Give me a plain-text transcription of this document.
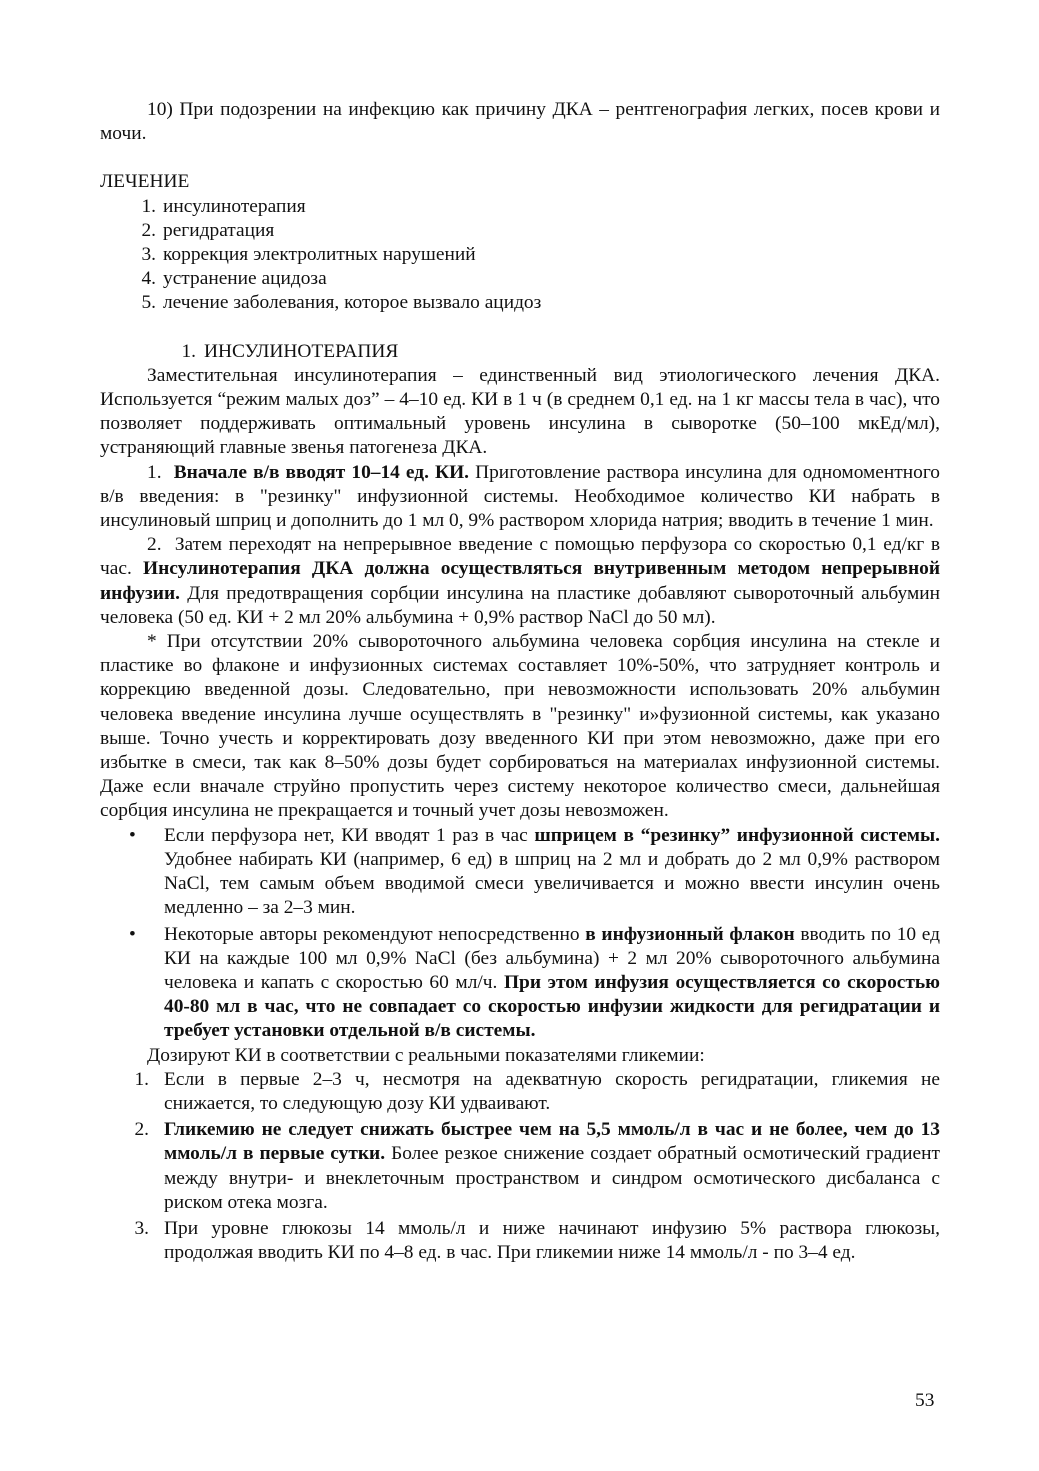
10) При подозрении на инфекцию как причину ДКА – рентгенография легких, посев крови и мочи.

ЛЕЧЕНИЕ

1. инсулинотерапия
2. регидратация
3. коррекция электролитных нарушений
4. устранение ацидоза
5. лечение заболевания, которое вызвало ацидоз

1. ИНСУЛИНОТЕРАПИЯ

Заместительная инсулинотерапия – единственный вид этиологического лечения ДКА. Используется “режим малых доз” – 4–10 ед. КИ в 1 ч (в среднем 0,1 ед. на 1 кг массы тела в час), что позволяет поддерживать оптимальный уровень инсулина в сыворотке (50–100 мкЕд/мл), устраняющий главные звенья патогенеза ДКА.

1. Вначале в/в вводят 10–14 ед. КИ. Приготовление раствора инсулина для одномоментного в/в введения: в "резинку" инфузионной системы. Необходимое количество КИ набрать в инсулиновый шприц и дополнить до 1 мл 0, 9% раствором хлорида натрия; вводить в течение 1 мин.

2. Затем переходят на непрерывное введение с помощью перфузора со скоростью 0,1 ед/кг в час. Инсулинотерапия ДКА должна осуществляться внутривенным методом непрерывной инфузии. Для предотвращения сорбции инсулина на пластике добавляют сывороточный альбумин человека (50 ед. КИ + 2 мл 20% альбумина + 0,9% раствор NaCl до 50 мл).

* При отсутствии 20% сывороточного альбумина человека сорбция инсулина на стекле и пластике во флаконе и инфузионных системах составляет 10%-50%, что затрудняет контроль и коррекцию введенной дозы. Следовательно, при невозможности использовать 20% альбумин человека введение инсулина лучше осуществлять в "резинку" и»фузионной системы, как указано выше. Точно учесть и корректировать дозу введенного КИ при этом невозможно, даже при его избытке в смеси, так как 8–50% дозы будет сорбироваться на материалах инфузионной системы. Даже если вначале струйно пропустить через систему некоторое количество смеси, дальнейшая сорбция инсулина не прекращается и точный учет дозы невозможен.

• Если перфузора нет, КИ вводят 1 раз в час шприцем в “резинку” инфузионной системы. Удобнее набирать КИ (например, 6 ед) в шприц на 2 мл и добрать до 2 мл 0,9% раствором NaCl, тем самым объем вводимой смеси увеличивается и можно ввести инсулин очень медленно – за 2–3 мин.
• Некоторые авторы рекомендуют непосредственно в инфузионный флакон вводить по 10 ед КИ на каждые 100 мл 0,9% NaCl (без альбумина) + 2 мл 20% сывороточного альбумина человека и капать с скоростью 60 мл/ч. При этом инфузия осуществляется со скоростью 40-80 мл в час, что не совпадает со скоростью инфузии жидкости для регидратации и требует установки отдельной в/в системы.

Дозируют КИ в соответствии с реальными показателями гликемии:

1. Если в первые 2–3 ч, несмотря на адекватную скорость регидратации, гликемия не снижается, то следующую дозу КИ удваивают.
2. Гликемию не следует снижать быстрее чем на 5,5 ммоль/л в час и не более, чем до 13 ммоль/л в первые сутки. Более резкое снижение создает обратный осмотический градиент между внутри- и внеклеточным пространством и синдром осмотического дисбаланса с риском отека мозга.
3. При уровне глюкозы 14 ммоль/л и ниже начинают инфузию 5% раствора глюкозы, продолжая вводить КИ по 4–8 ед. в час. При гликемии ниже 14 ммоль/л - по 3–4 ед.
53
